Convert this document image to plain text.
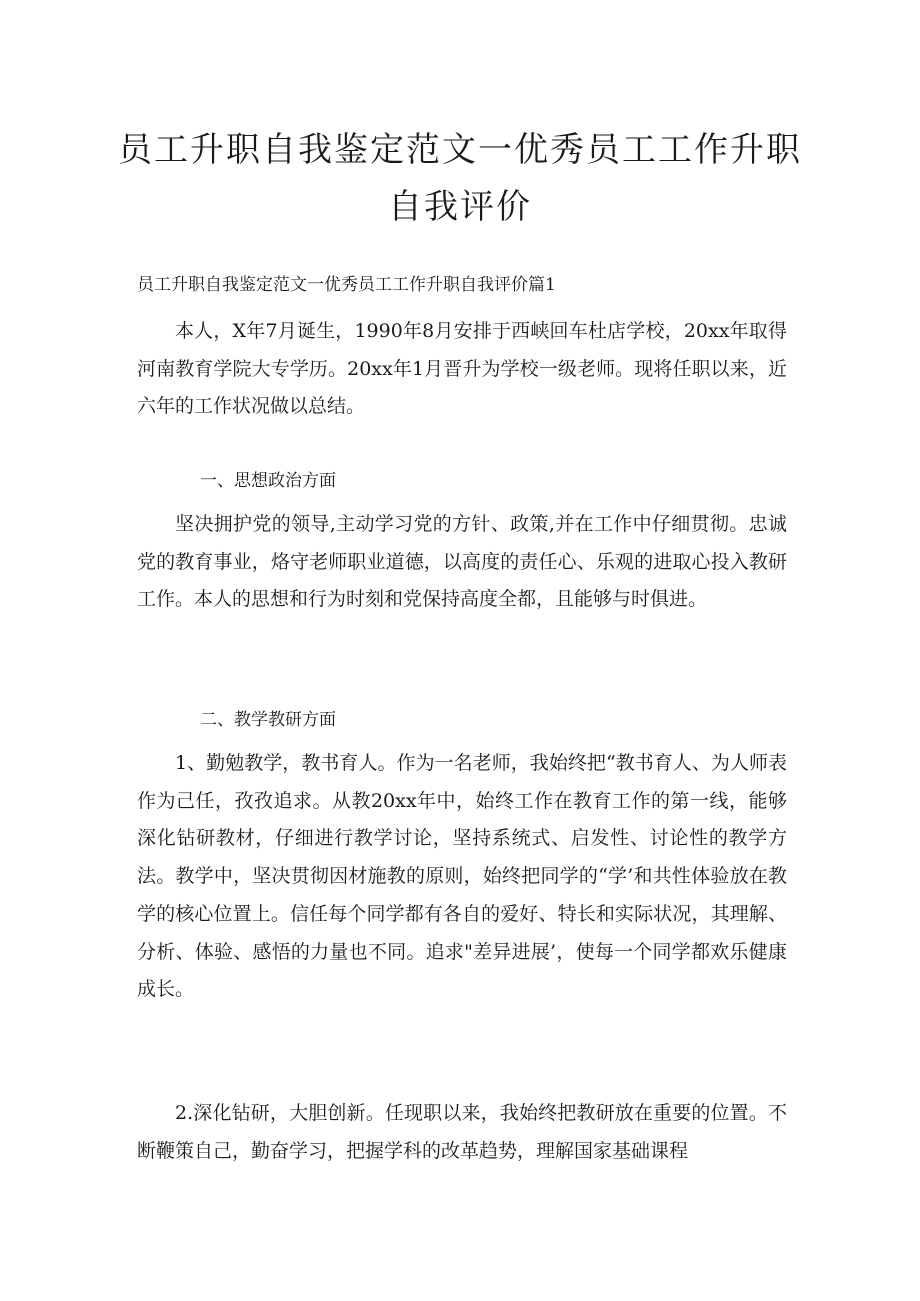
员工升职自我鉴定范文一优秀员工工作升职
自我评价
员工升职自我鉴定范文一优秀员工工作升职自我评价篇1

本人，X年7月诞生，1990年8月安排于西峡回车杜店学校，20xx年取得河南教育学院大专学历。20xx年1月晋升为学校一级老师。现将任职以来，近六年的工作状况做以总结。

一、思想政治方面

坚决拥护党的领导,主动学习党的方针、政策,并在工作中仔细贯彻。忠诚党的教育事业，烙守老师职业道德，以高度的责任心、乐观的进取心投入教研工作。本人的思想和行为时刻和党保持高度全都，且能够与时俱进。

二、教学教研方面

1、勤勉教学，教书育人。作为一名老师，我始终把“教书育人、为人师表作为己任，孜孜追求。从教20xx年中，始终工作在教育工作的第一线，能够深化钻研教材，仔细进行教学讨论，坚持系统式、启发性、讨论性的教学方法。教学中，坚决贯彻因材施教的原则，始终把同学的“学’和共性体验放在教学的核心位置上。信任每个同学都有各自的爱好、特长和实际状况，其理解、分析、体验、感悟的力量也不同。追求"差异进展’，使每一个同学都欢乐健康成长。

2.深化钻研，大胆创新。任现职以来，我始终把教研放在重要的位置。不断鞭策自己，勤奋学习，把握学科的改革趋势，理解国家基础课程
